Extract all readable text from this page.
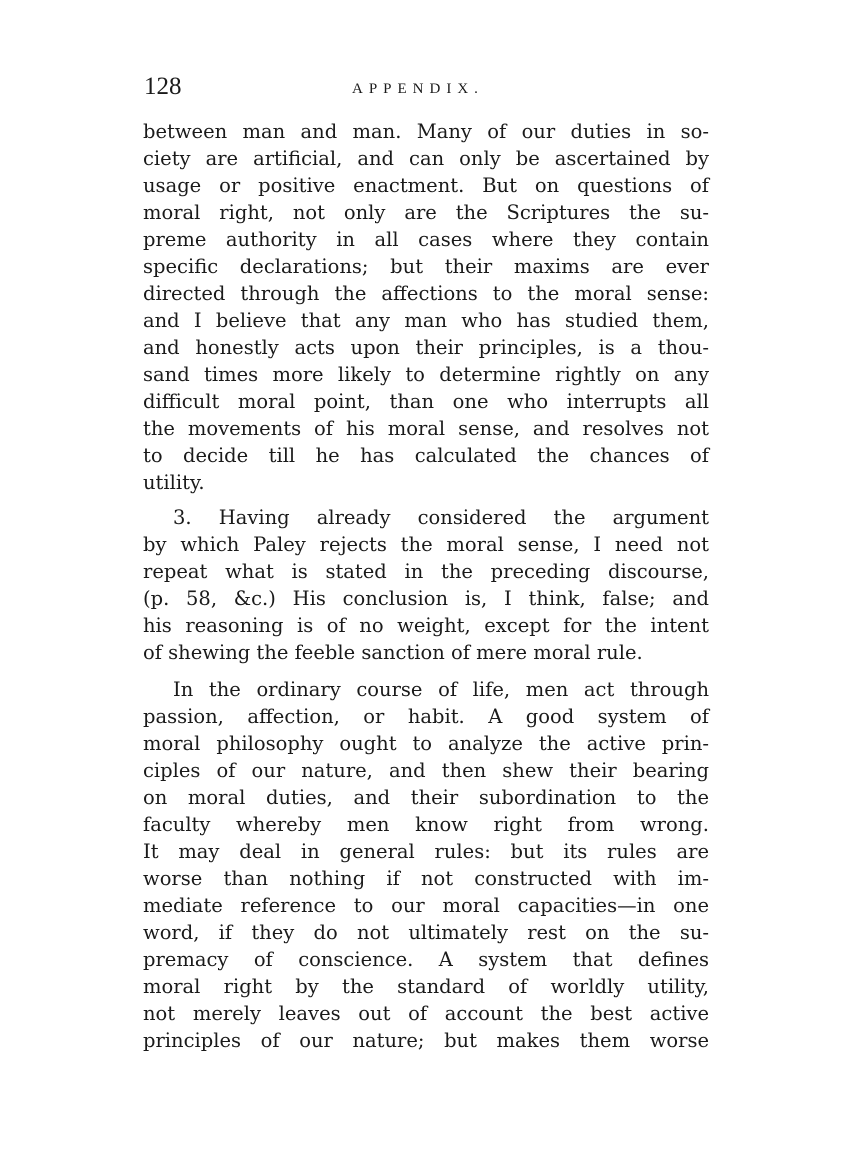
128	APPENDIX.

between man and man. Many of our duties in so-
ciety are artificial, and can only be ascertained by
usage or positive enactment. But on questions of
moral right, not only are the Scriptures the su-
preme authority in all cases where they contain
specific declarations; but their maxims are ever
directed through the affections to the moral sense:
and I believe that any man who has studied them,
and honestly acts upon their principles, is a thou-
sand times more likely to determine rightly on any
difficult moral point, than one who interrupts all
the movements of his moral sense, and resolves not
to decide till he has calculated the chances of
utility.

3. Having already considered the argument
by which Paley rejects the moral sense, I need not
repeat what is stated in the preceding discourse,
(p. 58, &c.) His conclusion is, I think, false; and
his reasoning is of no weight, except for the intent
of shewing the feeble sanction of mere moral rule.

In the ordinary course of life, men act through
passion, affection, or habit. A good system of
moral philosophy ought to analyze the active prin-
ciples of our nature, and then shew their bearing
on moral duties, and their subordination to the
faculty whereby men know right from wrong.
It may deal in general rules: but its rules are
worse than nothing if not constructed with im-
mediate reference to our moral capacities—in one
word, if they do not ultimately rest on the su-
premacy of conscience. A system that defines
moral right by the standard of worldly utility,
not merely leaves out of account the best active
principles of our nature; but makes them worse
